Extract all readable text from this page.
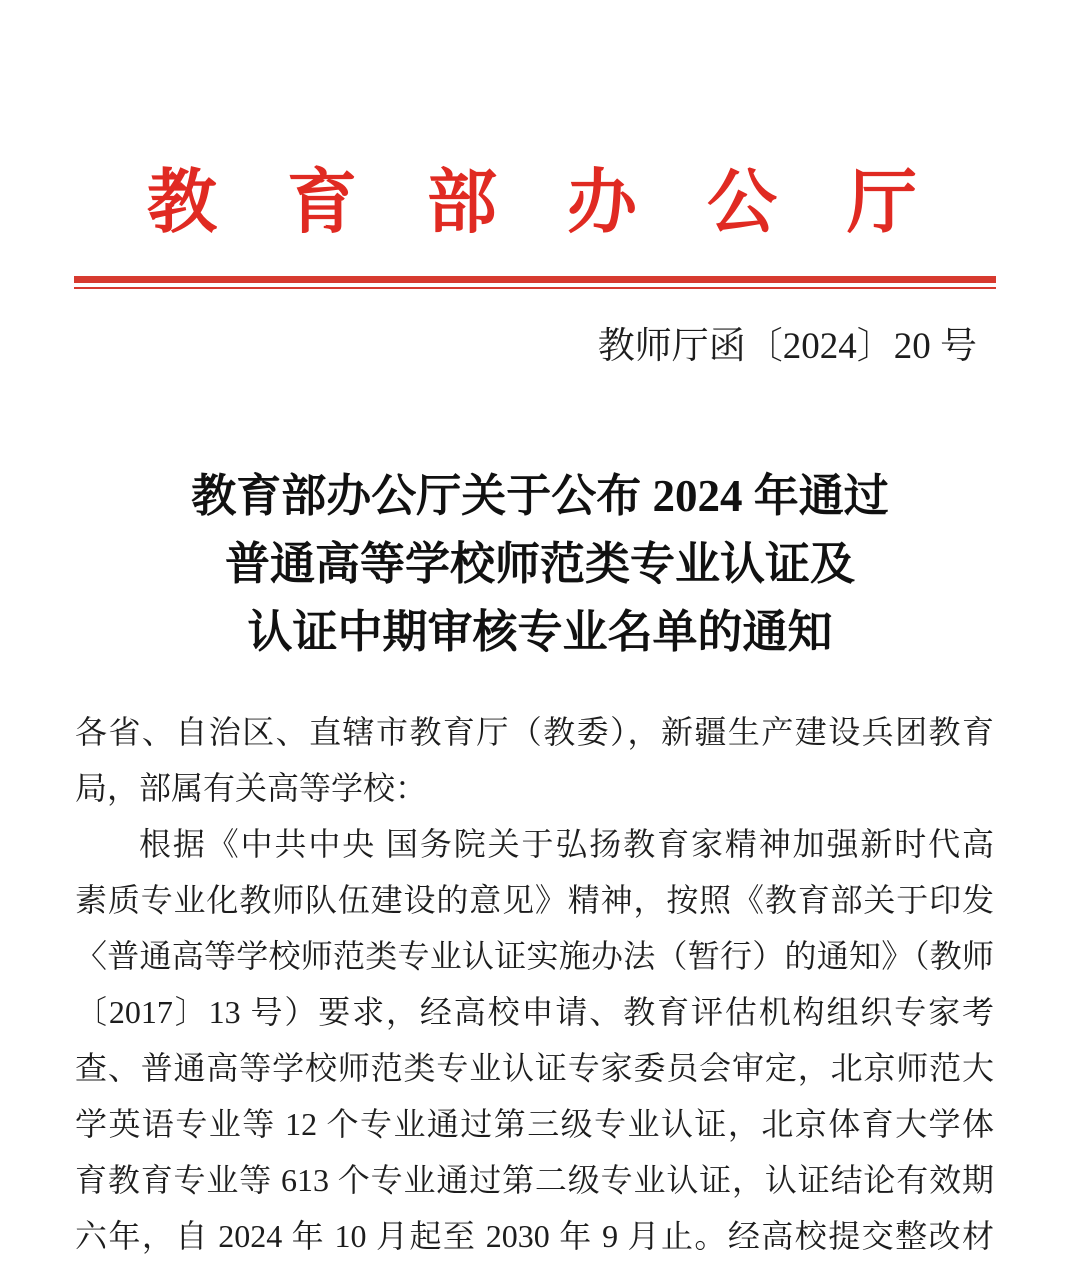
教育部办公厅
教师厅函〔2024〕20 号
教育部办公厅关于公布 2024 年通过
普通高等学校师范类专业认证及
认证中期审核专业名单的通知
各省、自治区、直辖市教育厅（教委），新疆生产建设兵团教育
局，部属有关高等学校：
根据《中共中央 国务院关于弘扬教育家精神加强新时代高
素质专业化教师队伍建设的意见》精神，按照《教育部关于印发
〈普通高等学校师范类专业认证实施办法（暂行）的通知》（教师
〔2017〕13 号）要求，经高校申请、教育评估机构组织专家考
查、普通高等学校师范类专业认证专家委员会审定，北京师范大
学英语专业等 12 个专业通过第三级专业认证，北京体育大学体
育教育专业等 613 个专业通过第二级专业认证，认证结论有效期
六年，自 2024 年 10 月起至 2030 年 9 月止。经高校提交整改材
